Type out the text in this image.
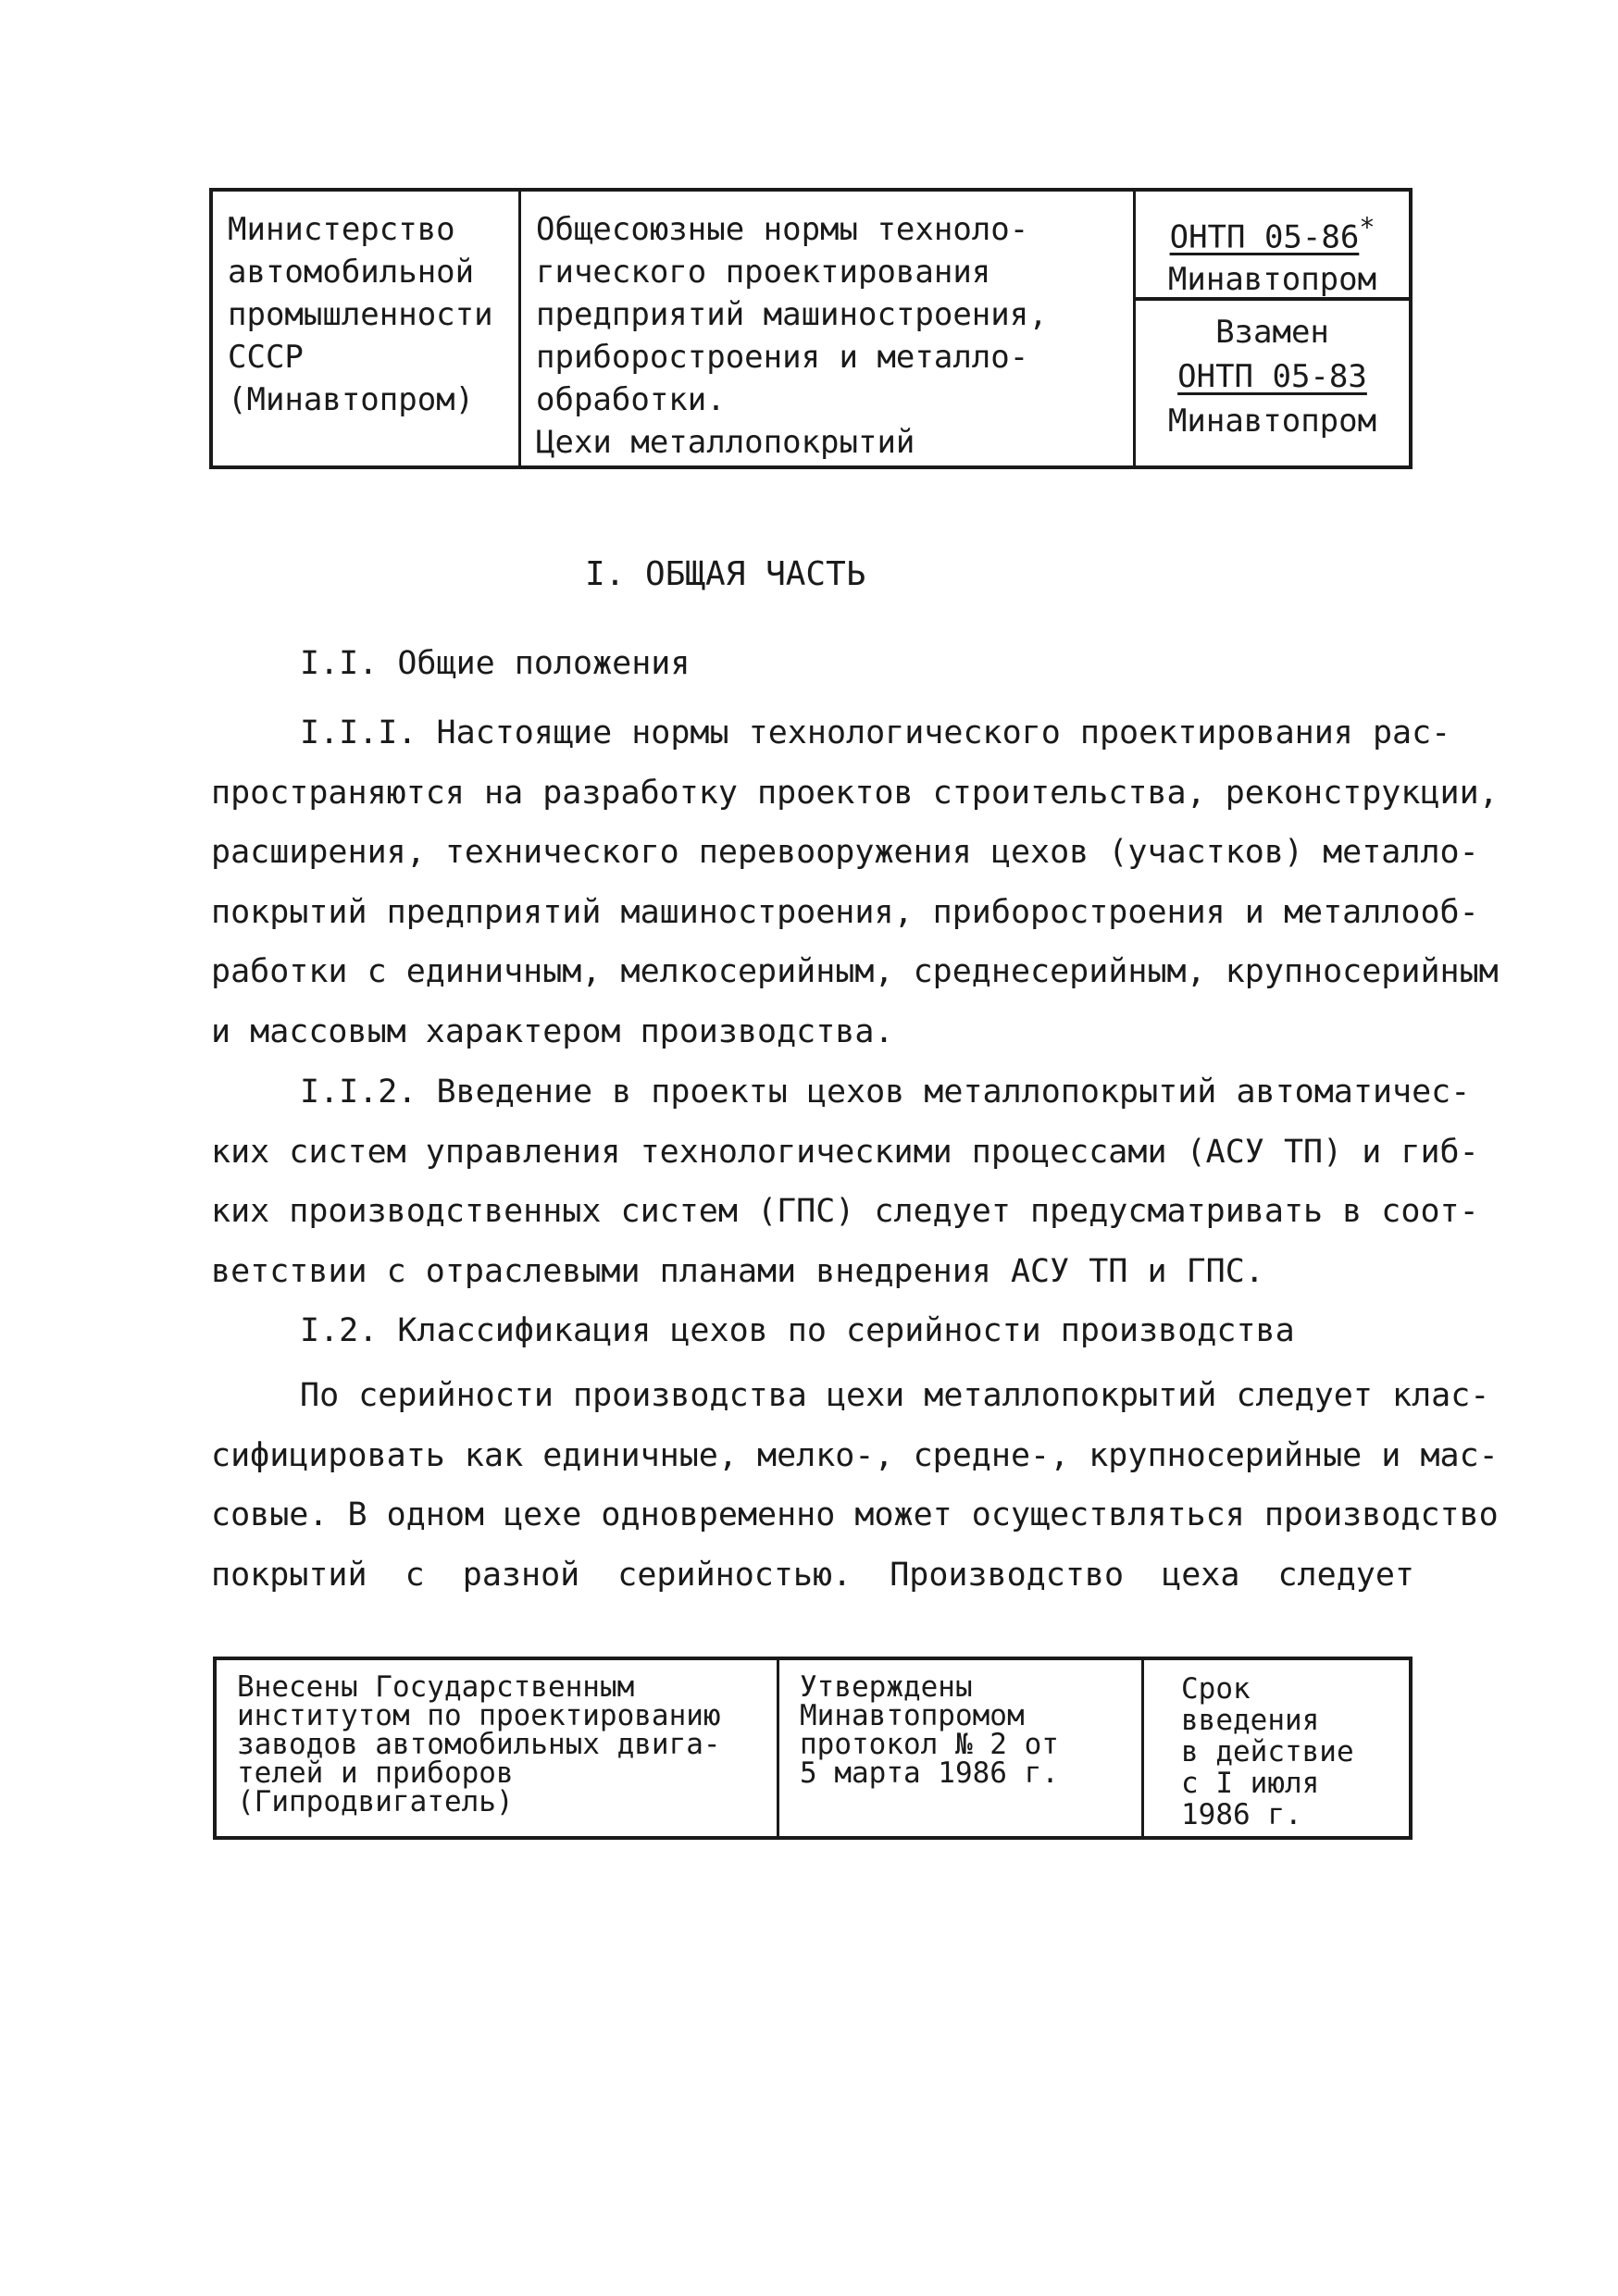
Министерство
автомобильной
промышленности
СССР
(Минавтопром)
Общесоюзные нормы техноло-
гического проектирования
предприятий машиностроения,
приборостроения и металло-
обработки.
Цехи металлопокрытий
ОНТП 05-86*
Минавтопром
Взамен
ОНТП 05-83
Минавтопром
I. ОБЩАЯ ЧАСТЬ
I.I. Общие положения
I.I.I. Настоящие нормы технологического проектирования рас-
пространяются на разработку проектов строительства, реконструкции,
расширения, технического перевооружения цехов (участков) металло-
покрытий предприятий машиностроения, приборостроения и металлооб-
работки с единичным, мелкосерийным, среднесерийным, крупносерийным
и массовым характером производства.
I.I.2. Введение в проекты цехов металлопокрытий автоматичес-
ких систем управления технологическими процессами (АСУ ТП) и гиб-
ких производственных систем (ГПС) следует предусматривать в соот-
ветствии с отраслевыми планами внедрения АСУ ТП и ГПС.
I.2. Классификация цехов по серийности производства
По серийности производства цехи металлопокрытий следует клас-
сифицировать как единичные, мелко-, средне-, крупносерийные и мас-
совые. В одном цехе одновременно может осуществляться производство
покрытий с разной серийностью. Производство цеха следует
Внесены Государственным
институтом по проектированию
заводов автомобильных двига-
телей и приборов
(Гипродвигатель)
Утверждены
Минавтопромом
протокол № 2 от
5 марта 1986 г.
Срок
введения
в действие
с I июля
1986 г.
